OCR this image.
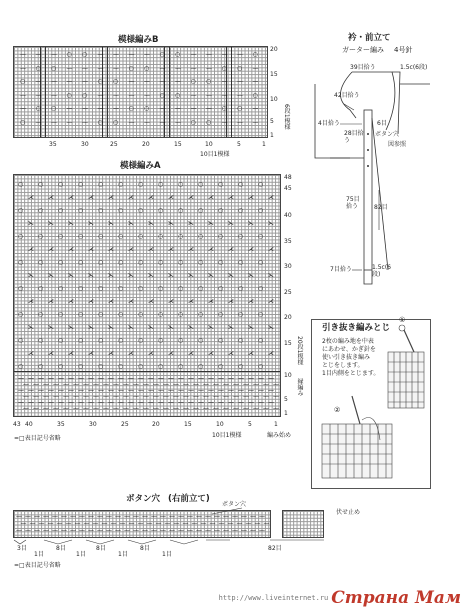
模様編みB
— — — ○ ○ — — — — ○ ○ — — — — ○
— ○ ○ — — — — ○ ○ — — — — ○ ○ —
○ — — — — ○ ○ — — — — ○ ○ — — —
— — — ○ ○ — — — — ○ ○ — — — — ○
— ○ ○ — — — — ○ ○ — — — — ○ ○ —
○ — — — — ○ ○ — — — — ○ ○ — — —
20
15
10
5
1
6段1模様
35	30	25	20	15	10	5	1
10目1模様
模様編みA
○ ○ ○ ○ ○ ○ ○ ○ ○ ○ ○ ○ ○
⋌ ⋌ ⋌ ⋌ ⋌ ⋌ ⋌ ⋌ ⋌ ⋌ ⋌ ⋌ ⋌
○ ○ ○ ○ ○ ○ ○ ○ ○ ○ ○ ○ ○
⋋ ⋋ ⋋ ⋋ ⋋ ⋋ ⋋ ⋋ ⋋ ⋋ ⋋ ⋋ ⋋
○ ○ ○ ○ ○ ○ ○ ○ ○ ○ ○ ○ ○
⋌ ⋌ ⋌ ⋌ ⋌ ⋌ ⋌ ⋌ ⋌ ⋌ ⋌ ⋌ ⋌
○ ○ ○ ○ ○ ○ ○ ○ ○ ○ ○ ○ ○
⋋ ⋋ ⋋ ⋋ ⋋ ⋋ ⋋ ⋋ ⋋ ⋋ ⋋ ⋋ ⋋
○ ○ ○ ○ ○ ○ ○ ○ ○ ○ ○ ○ ○
⋌ ⋌ ⋌ ⋌ ⋌ ⋌ ⋌ ⋌ ⋌ ⋌ ⋌ ⋌ ⋌
○ ○ ○ ○ ○ ○ ○ ○ ○ ○ ○ ○ ○
⋋ ⋋ ⋋ ⋋ ⋋ ⋋ ⋋ ⋋ ⋋ ⋋ ⋋ ⋋ ⋋
○ ○ ○ ○ ○ ○ ○ ○ ○ ○ ○ ○ ○
⋌ ⋌ ⋌ ⋌ ⋌ ⋌ ⋌ ⋌ ⋌ ⋌ ⋌ ⋌ ⋌
○ ○ ○ ○ ○ ○ ○ ○ ○ ○ ○ ○ ○
— — — — — — — — — — — — — — — — — — — — — — — — — —
— — — — — — — — — — — — — — — — — — — — — — — — — —
— — — — — — — — — — — — — — — — — — — — — — — — — —
— — — — — — — — — — — — — — — — — — — — — — — — — —
— — — — — — — — — — — — — — — — — — — — — — — — — —
— — — — — — — — — — — — — — — — — — — — — — — — — —
48
45
40
35
30
25
20
15
10
5
1
20段1模様
縁編み
43 40	35	30	25	20	15	10	5	1
10目1模様	編み始め
=□表目記号省略
衿・前立て
ガーター編み 4号針
39目拾う	1.5c(6段)
42目拾う
4目拾う	6目
28目拾う
ボタン穴
図参照
75目拾う	82目
7目拾う	1.5c(6段)
引き抜き編みとじ
2枚の編み地を中表
にあわせ、かぎ針を
使い引き抜き編み
とじをします。
1目内側をとじます。
①
②
ボタン穴 (右前立て)
ボタン穴
伏せ止め
— — — — — — — — — — — — — — — — — — — — — — — — — — — —
— — — — — — — — — — — — — — — — — — — — — — — — — — — —
— — — — — — — — — — — — — — — — — — — — — — — — — — — —
3目
1目
8目
1目
8目
1目
8目
1目
82目
=□表目記号省略
http://www.liveinternet.ru Страна Мам
